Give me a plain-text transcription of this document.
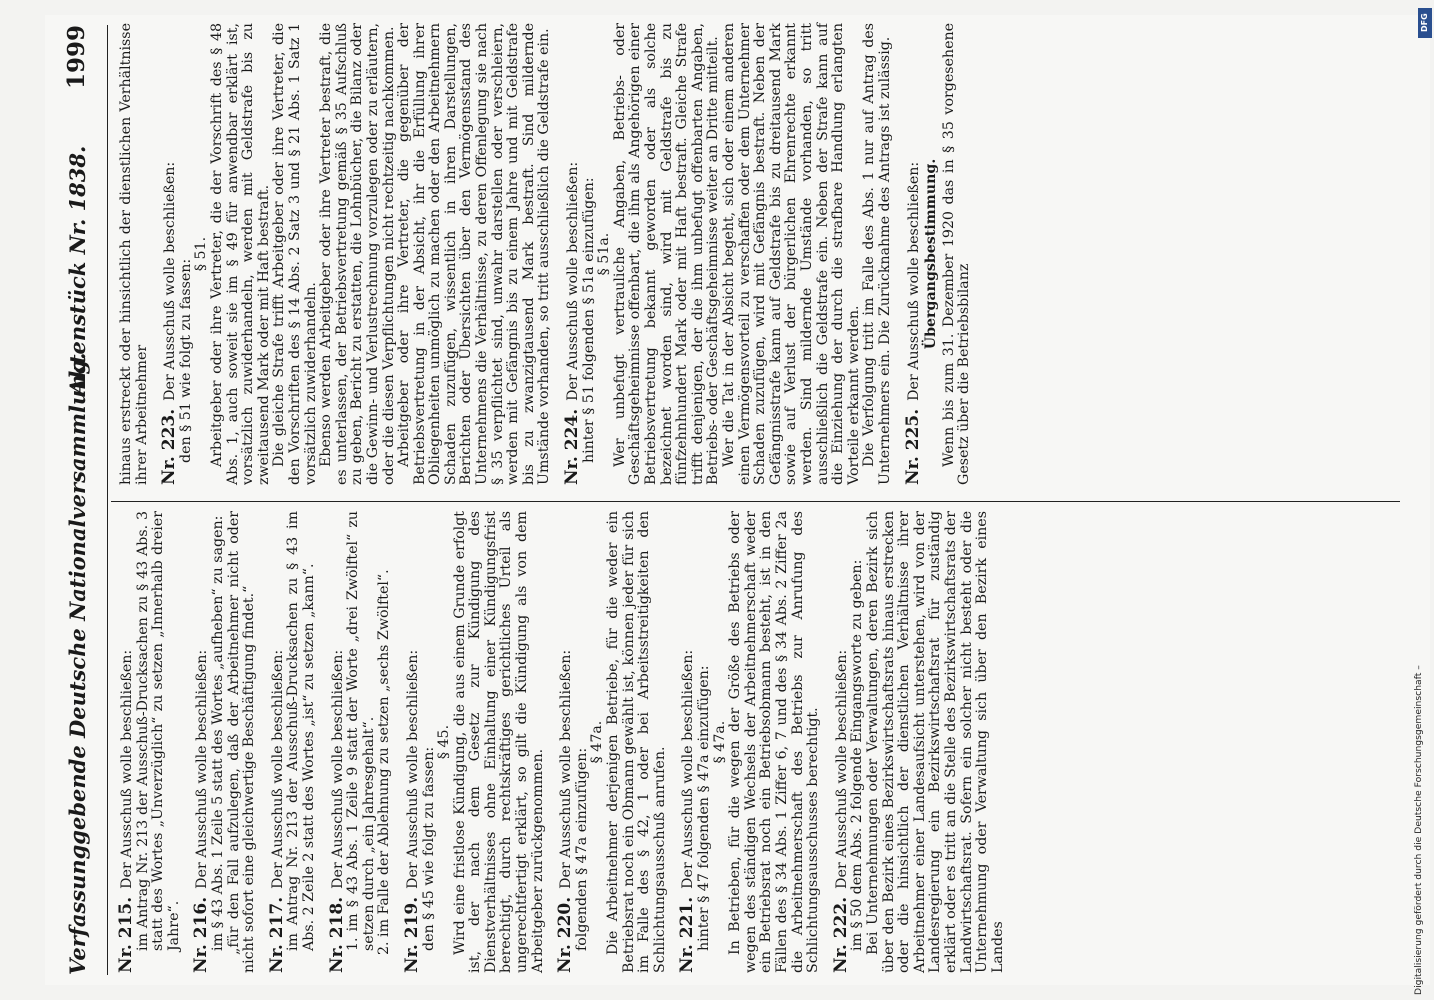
Verfassunggebende Deutsche Nationalversammlung.
Aktenstück Nr. 1838.
1999
Nr. 215.

Der Ausschuß wolle beschließen: im Antrag Nr. 213 der Ausschuß-Drucksachen zu § 43 Abs. 3 statt des Wortes „Unverzüglich“ zu setzen „Innerhalb dreier Jahre“. Nr. 216.

Der Ausschuß wolle beschließen: im § 43 Abs. 1 Zeile 5 statt des Wortes „aufheben“ zu sagen: „für den Fall aufzulegen, daß der Arbeitnehmer nicht oder nicht sofort eine gleichwertige Beschäftigung findet.“ Nr. 217.

Der Ausschuß wolle beschließen: im Antrag Nr. 213 der Ausschuß-Drucksachen zu § 43 im Abs. 2 Zeile 2 statt des Wortes „ist“ zu setzen „kann“. Nr. 218.

Der Ausschuß wolle beschließen: 1. im § 43 Abs. 1 Zeile 9 statt der Worte „drei Zwölftel“ zu setzen durch „ein Jahresgehalt“. 2. im Falle der Ablehnung zu setzen „sechs Zwölftel“. Nr. 219.

Der Ausschuß wolle beschließen: den § 45 wie folgt zu fassen:

§ 45. Wird eine fristlose Kündigung, die aus einem Grunde erfolgt ist, der nach dem Gesetz zur Kündigung des Dienstverhältnisses ohne Einhaltung einer Kündigungsfrist berechtigt, durch rechtskräftiges gerichtliches Urteil als ungerechtfertigt erklärt, so gilt die Kündigung als von dem Arbeitgeber zurückgenommen. Nr. 220.

Der Ausschuß wolle beschließen: folgenden § 47a einzufügen:

§ 47a. Die Arbeitnehmer derjenigen Betriebe, für die weder ein Betriebsrat noch ein Obmann gewählt ist, können jeder für sich im Falle des § 42, 1 oder bei Arbeitsstreitigkeiten den Schlichtungsausschuß anrufen. Nr. 221.

Der Ausschuß wolle beschließen: hinter § 47 folgenden § 47a einzufügen: § 47a. In Betrieben, für die wegen der Größe des Betriebs oder wegen des ständigen Wechsels der Arbeitnehmerschaft weder ein Betriebsrat noch ein Betriebsobmann besteht, ist in den Fällen des § 34 Abs. 1 Ziffer 6, 7 und des § 34 Abs. 2 Ziffer 2a die Arbeitnehmerschaft des Betriebs zur Anrufung des Schlichtungsausschusses berechtigt. Nr. 222.

Der Ausschuß wolle beschließen: im § 50 dem Abs. 2 folgende Eingangsworte zu geben: Bei Unternehmungen oder Verwaltungen, deren Bezirk sich über den Bezirk eines Bezirkswirtschaftsrats hinaus erstrecken oder die hinsichtlich der dienstlichen Verhältnisse ihrer Arbeitnehmer einer Landesaufsicht unterstehen, wird von der Landesregierung ein Bezirkswirtschaftsrat für zuständig erklärt oder es tritt an die Stelle des Bezirkswirtschaftsrats der Landwirtschaftsrat. Sofern ein solcher nicht besteht oder die Unternehmung oder Verwaltung sich über den Bezirk eines Landes

hinaus erstreckt oder hinsichtlich der dienstlichen Verhältnisse ihrer Arbeitnehmer Nr. 223.

Der Ausschuß wolle beschließen: den § 51 wie folgt zu fassen:

§ 51. Arbeitgeber oder ihre Vertreter, die der Vorschrift des § 48 Abs. 1, auch soweit sie im § 49 für anwendbar erklärt ist, vorsätzlich zuwiderhandeln, werden mit Geldstrafe bis zu zweitausend Mark oder mit Haft bestraft. Die gleiche Strafe trifft Arbeitgeber oder ihre Vertreter, die den Vorschriften des § 14 Abs. 2 Satz 3 und § 21 Abs. 1 Satz 1 vorsätzlich zuwiderhandeln. Ebenso werden Arbeitgeber oder ihre Vertreter bestraft, die es unterlassen, der Betriebsvertretung gemäß § 35 Aufschluß zu geben, Bericht zu erstatten, die Lohnbücher, die Bilanz oder die Gewinn- und Verlustrechnung vorzulegen oder zu erläutern, oder die diesen Verpflichtungen nicht rechtzeitig nachkommen. Arbeitgeber oder ihre Vertreter, die gegenüber der Betriebsvertretung in der Absicht, ihr die Erfüllung ihrer Obliegenheiten unmöglich zu machen oder den Arbeitnehmern Schaden zuzufügen, wissentlich in ihren Darstellungen, Berichten oder Übersichten über den Vermögensstand des Unternehmens die Verhältnisse, zu deren Offenlegung sie nach § 35 verpflichtet sind, unwahr darstellen oder verschleiern, werden mit Gefängnis bis zu einem Jahre und mit Geldstrafe bis zu zwanzigtausend Mark bestraft. Sind mildernde Umstände vorhanden, so tritt ausschließlich die Geldstrafe ein. Nr. 224.

Der Ausschuß wolle beschließen: hinter § 51 folgenden § 51a einzufügen: § 51a. Wer unbefugt vertrauliche Angaben, Betriebs- oder Geschäftsgeheimnisse offenbart, die ihm als Angehörigen einer Betriebsvertretung bekannt geworden oder als solche bezeichnet worden sind, wird mit Geldstrafe bis zu fünfzehnhundert Mark oder mit Haft bestraft. Gleiche Strafe trifft denjenigen, der die ihm unbefugt offenbarten Angaben, Betriebs- oder Geschäftsgeheimnisse weiter an Dritte mitteilt. Wer die Tat in der Absicht begeht, sich oder einem anderen einen Vermögensvorteil zu verschaffen oder dem Unternehmer Schaden zuzufügen, wird mit Gefängnis bestraft. Neben der Gefängnisstrafe kann auf Geldstrafe bis zu dreitausend Mark sowie auf Verlust der bürgerlichen Ehrenrechte erkannt werden. Sind mildernde Umstände vorhanden, so tritt ausschließlich die Geldstrafe ein. Neben der Strafe kann auf die Einziehung der durch die strafbare Handlung erlangten Vorteile erkannt werden. Die Verfolgung tritt im Falle des Abs. 1 nur auf Antrag des Unternehmers ein. Die Zurücknahme des Antrags ist zulässig. Nr. 225.

Der Ausschuß wolle beschließen: Übergangsbestimmung. Wenn bis zum 31. Dezember 1920 das in § 35 vorgesehene Gesetz über die Betriebsbilanz

Digitalisierung gefördert durch die Deutsche Forschungsgemeinschaft –
DFG
